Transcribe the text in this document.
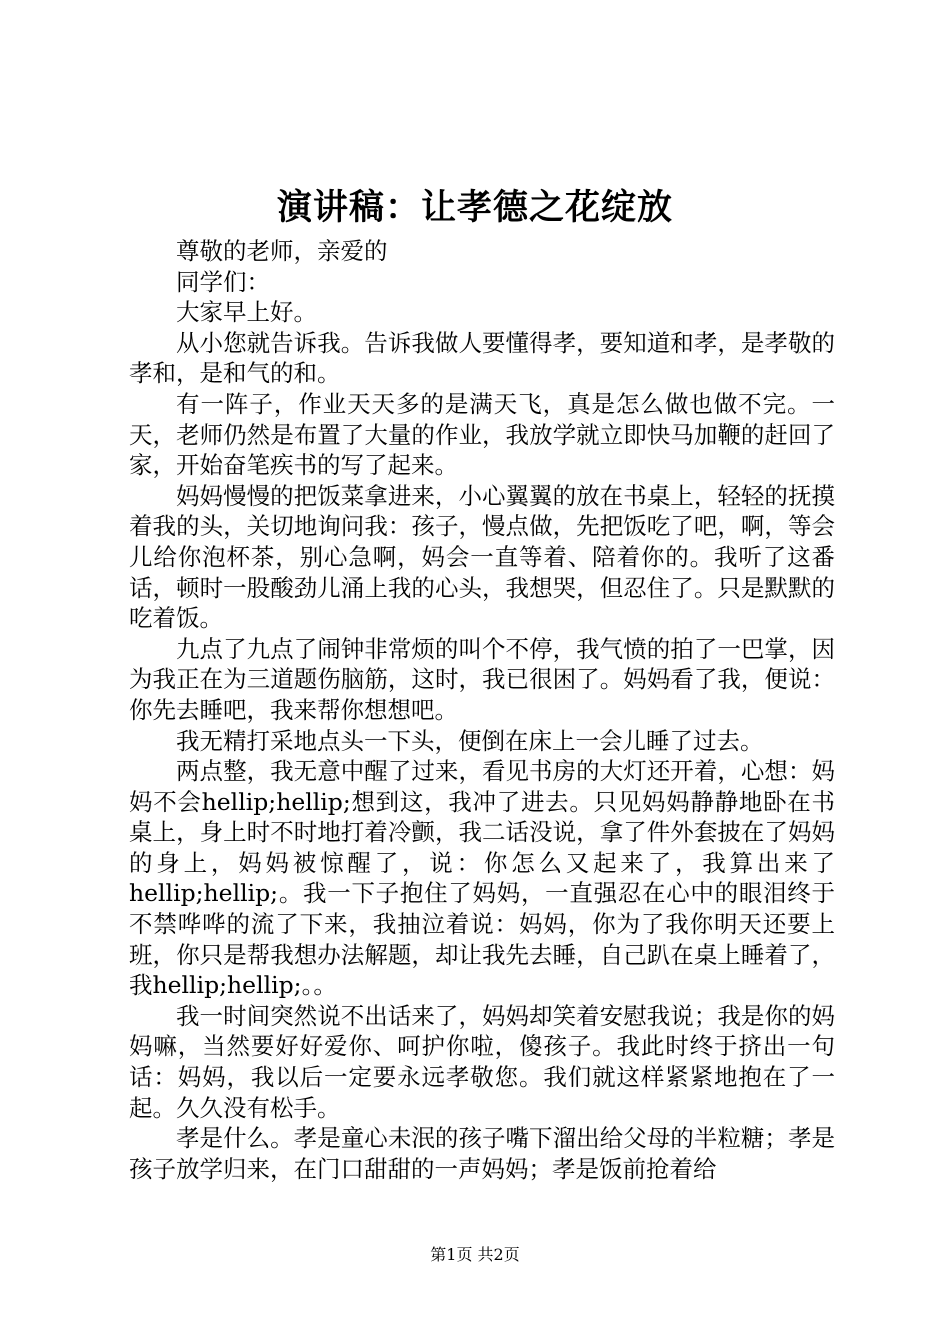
演讲稿：让孝德之花绽放

尊敬的老师，亲爱的

同学们：

大家早上好。

从小您就告诉我。告诉我做人要懂得孝，要知道和孝，是孝敬的孝和，是和气的和。

有一阵子，作业天天多的是满天飞，真是怎么做也做不完。一天，老师仍然是布置了大量的作业，我放学就立即快马加鞭的赶回了家，开始奋笔疾书的写了起来。

妈妈慢慢的把饭菜拿进来，小心翼翼的放在书桌上，轻轻的抚摸着我的头，关切地询问我：孩子，慢点做，先把饭吃了吧，啊，等会儿给你泡杯茶，别心急啊，妈会一直等着、陪着你的。我听了这番话，顿时一股酸劲儿涌上我的心头，我想哭，但忍住了。只是默默的吃着饭。

九点了九点了闹钟非常烦的叫个不停，我气愤的拍了一巴掌，因为我正在为三道题伤脑筋，这时，我已很困了。妈妈看了我，便说：你先去睡吧，我来帮你想想吧。

我无精打采地点头一下头，便倒在床上一会儿睡了过去。

两点整，我无意中醒了过来，看见书房的大灯还开着，心想：妈妈不会hellip;hellip;想到这，我冲了进去。只见妈妈静静地卧在书桌上，身上时不时地打着冷颤，我二话没说，拿了件外套披在了妈妈的身上，妈妈被惊醒了，说：你怎么又起来了，我算出来了hellip;hellip;。我一下子抱住了妈妈，一直强忍在心中的眼泪终于不禁哗哗的流了下来，我抽泣着说：妈妈，你为了我你明天还要上班，你只是帮我想办法解题，却让我先去睡，自己趴在桌上睡着了，我hellip;hellip;。。

我一时间突然说不出话来了，妈妈却笑着安慰我说；我是你的妈妈嘛，当然要好好爱你、呵护你啦，傻孩子。我此时终于挤出一句话：妈妈，我以后一定要永远孝敬您。我们就这样紧紧地抱在了一起。久久没有松手。

孝是什么。孝是童心未泯的孩子嘴下溜出给父母的半粒糖；孝是孩子放学归来，在门口甜甜的一声妈妈；孝是饭前抢着给

第1页 共2页
